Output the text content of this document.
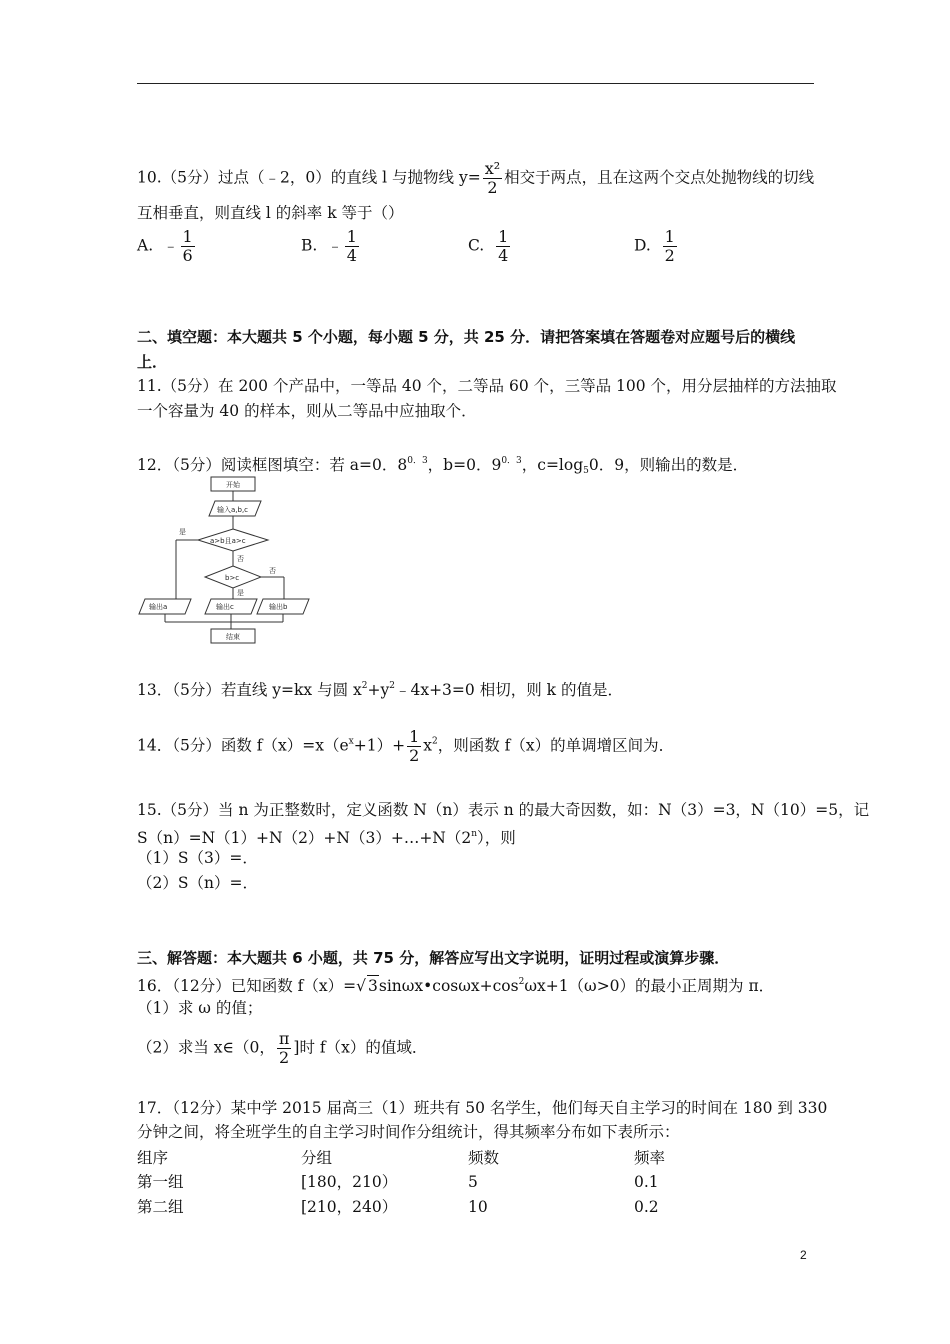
10.（5分）过点（﹣2，0）的直线 l 与抛物线 $y= \frac{\text{x²}}{2}$ 相交于两点，且在这两个交点处抛物线的切线
互相垂直，则直线 l 的斜率 k 等于（）
A. ﹣ $\frac{1}{6}$	B. ﹣ $\frac{1}{4}$	C. $\frac{1}{4}$	D. $\frac{1}{2}$
二、填空题：本大题共 5 个小题，每小题 5 分，共 25 分．请把答案填在答题卷对应题号后的横线
上．
11.（5分）在 200 个产品中，一等品 40 个，二等品 60 个，三等品 100 个，用分层抽样的方法抽取
一个容量为 40 的样本，则从二等品中应抽取个．
12．（5分）阅读框图填空：若 a=0．$8^{0.3}$，b=0．$9^{0.3}$，$c=\log_50$．9，则输出的数是．
开始
输入a,b,c
a>b且a>c
是
否
b>c
否
是
输出a	输出c	输出b
结束
13．（5分）若直线 y=kx 与圆 $x^2+y^2﹣4x+3=0$ 相切，则 k 的值是．
14．（5分）函数 $f(x)=x(e^x+1)+ \frac{1}{2} x^2$，则函数 f（x）的单调增区间为．
15.（5分）当 n 为正整数时，定义函数 N（n）表示 n 的最大奇因数，如：N（3）=3，N（10）=5，记
$S(n)=N(1)+N(2)+N(3)+\dots+N(2^n)$，则
（1）S（3）=．
（2）S（n）=．
三、解答题：本大题共 6 小题，共 75 分，解答应写出文字说明，证明过程或演算步骤．
16．（12分）已知函数 f（x）=√ $3\sin\omega x•\cos\omega x+\cos^2\omega x+1(\omega>0)$的最小正周期为 π．
（1）求 ω 的值；
（2）求当 x∈（0， $\frac{\pi}{2}$ ]时 f（x）的值域．
17．（12分）某中学 2015 届高三（1）班共有 50 名学生，他们每天自主学习的时间在 180 到 330
分钟之间，将全班学生的自主学习时间作分组统计，得其频率分布如下表所示：
组序	分组	频数	频率
第一组	[180，210）	5	0.1
第二组	[210，240）	10	0.2
2
